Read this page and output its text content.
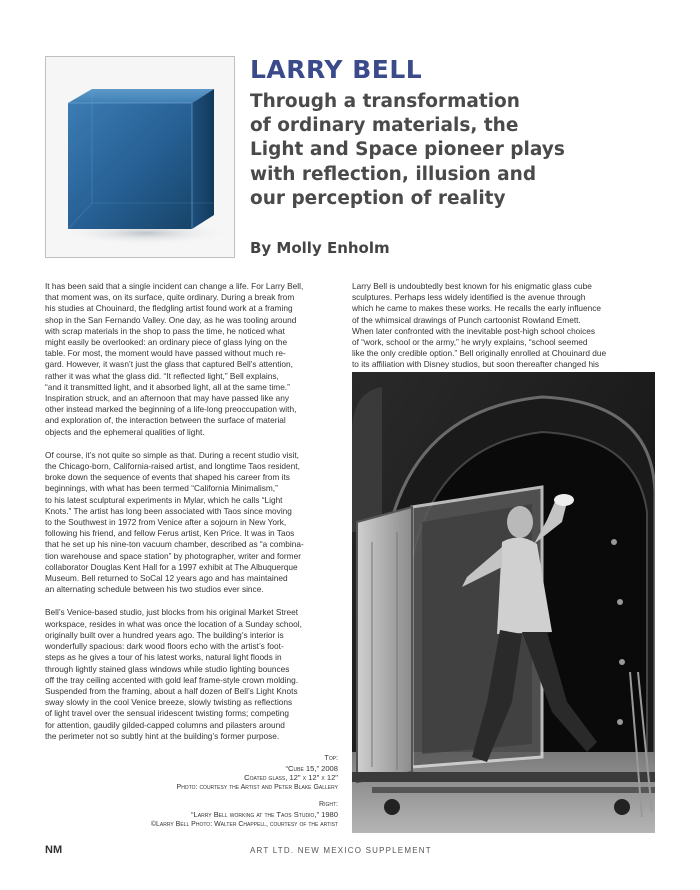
LARRY BELL
Through a transformation
of ordinary materials, the
Light and Space pioneer plays
with reflection, illusion and
our perception of reality
By Molly Enholm

It has been said that a single incident can change a life. For Larry Bell,
that moment was, on its surface, quite ordinary. During a break from
his studies at Chouinard, the fledgling artist found work at a framing
shop in the San Fernando Valley. One day, as he was tooling around
with scrap materials in the shop to pass the time, he noticed what
might easily be overlooked: an ordinary piece of glass lying on the
table. For most, the moment would have passed without much re-
gard. However, it wasn’t just the glass that captured Bell’s attention,
rather it was what the glass did. “It reflected light,” Bell explains,
“and it transmitted light, and it absorbed light, all at the same time.”
Inspiration struck, and an afternoon that may have passed like any
other instead marked the beginning of a life-long preoccupation with,
and exploration of, the interaction between the surface of material
objects and the ephemeral qualities of light.

Of course, it’s not quite so simple as that. During a recent studio visit,
the Chicago-born, California-raised artist, and longtime Taos resident,
broke down the sequence of events that shaped his career from its
beginnings, with what has been termed “California Minimalism,”
to his latest sculptural experiments in Mylar, which he calls “Light
Knots.” The artist has long been associated with Taos since moving
to the Southwest in 1972 from Venice after a sojourn in New York,
following his friend, and fellow Ferus artist, Ken Price. It was in Taos
that he set up his nine-ton vacuum chamber, described as “a combina-
tion warehouse and space station” by photographer, writer and former
collaborator Douglas Kent Hall for a 1997 exhibit at The Albuquerque
Museum. Bell returned to SoCal 12 years ago and has maintained
an alternating schedule between his two studios ever since.

Bell’s Venice-based studio, just blocks from his original Market Street
workspace, resides in what was once the location of a Sunday school,
originally built over a hundred years ago. The building’s interior is
wonderfully spacious: dark wood floors echo with the artist’s foot-
steps as he gives a tour of his latest works, natural light floods in
through lightly stained glass windows while studio lighting bounces
off the tray ceiling accented with gold leaf frame-style crown molding.
Suspended from the framing, about a half dozen of Bell’s Light Knots
sway slowly in the cool Venice breeze, slowly twisting as reflections
of light travel over the sensual iridescent twisting forms; competing
for attention, gaudily gilded-capped columns and pilasters around
the perimeter not so subtly hint at the building’s former purpose.

Larry Bell is undoubtedly best known for his enigmatic glass cube
sculptures. Perhaps less widely identified is the avenue through
which he came to makes these works. He recalls the early influence
of the whimsical drawings of Punch cartoonist Rowland Emett.
When later confronted with the inevitable post-high school choices
of “work, school or the army,” he wryly explains, “school seemed
like the only credible option.” Bell originally enrolled at Chouinard due
to its affiliation with Disney studios, but soon thereafter changed his

Top:
“Cube 15,” 2008
Coated glass, 12" x 12" x 12"
Photo: courtesy the Artist and Peter Blake Gallery
Right:
“Larry Bell working at the Taos Studio,” 1980
©Larry Bell Photo: Walter Chappell, courtesy of the artist
NM	ART LTD. NEW MEXICO SUPPLEMENT
